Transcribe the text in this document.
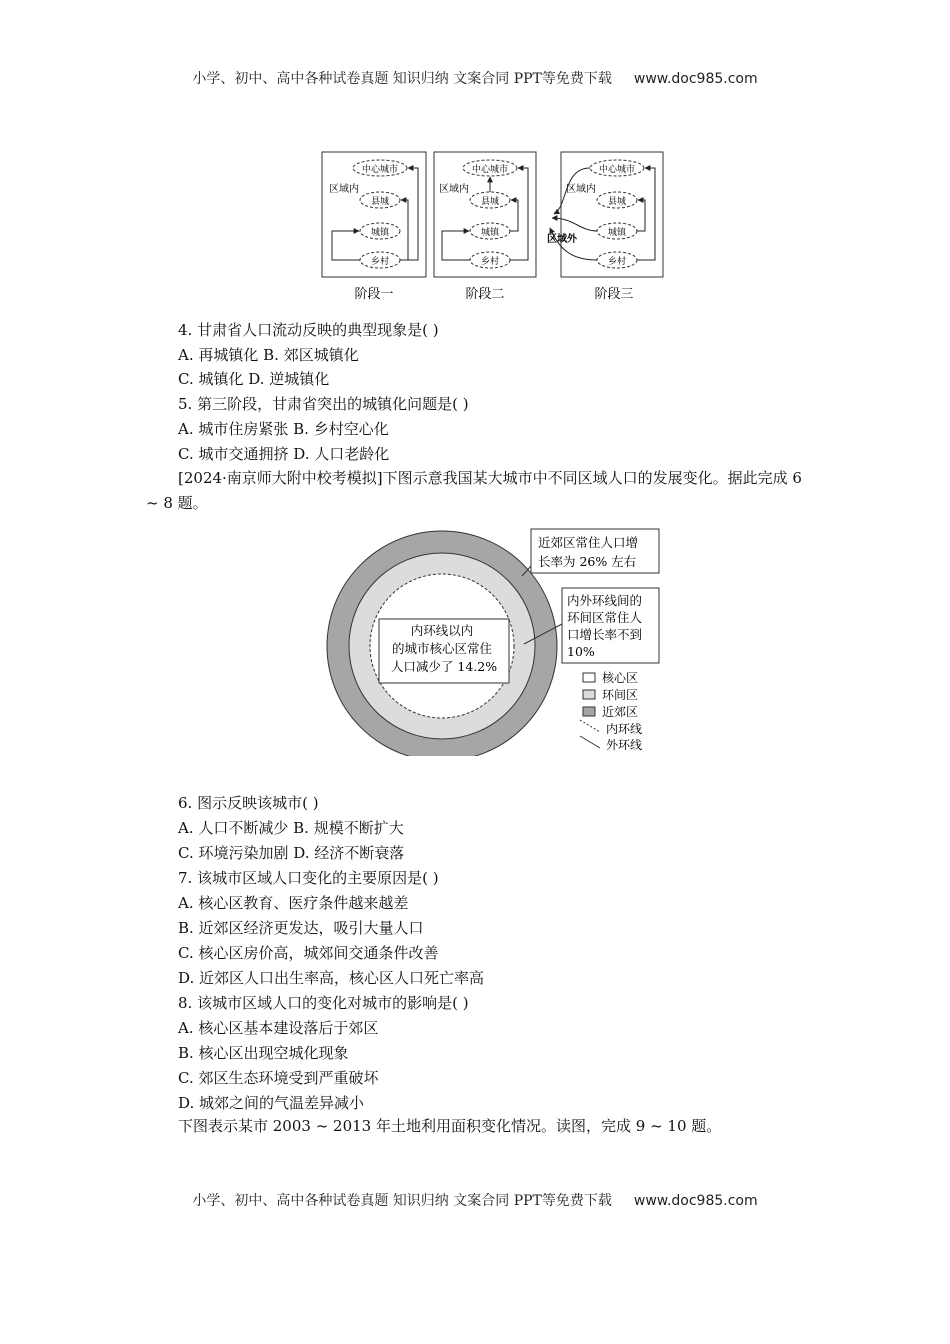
小学、初中、高中各种试卷真题 知识归纳 文案合同 PPT等免费下载 www.doc985.com
区域内
中心城市
县城
城镇
乡村
区域内
中心城市
县城
城镇
乡村
区域内
区域外
中心城市
县城
城镇
乡村
阶段一	阶段二	阶段三
4. 甘肃省人口流动反映的典型现象是( )
A. 再城镇化 B. 郊区城镇化
C. 城镇化 D. 逆城镇化
5. 第三阶段，甘肃省突出的城镇化问题是( )
A. 城市住房紧张 B. 乡村空心化
C. 城市交通拥挤 D. 人口老龄化
[2024·南京师大附中校考模拟]下图示意我国某大城市中不同区域人口的发展变化。据此完成 6 ~ 8 题。
内环线以内 的城市核心区常住 人口减少了 14.2%
近郊区常住人口增 长率为 26% 左右
内外环线间的 环间区常住人 口增长率不到 10%
核心区
环间区
近郊区
内环线
外环线
6. 图示反映该城市( )
A. 人口不断减少 B. 规模不断扩大
C. 环境污染加剧 D. 经济不断衰落
7. 该城市区域人口变化的主要原因是( )
A. 核心区教育、医疗条件越来越差
B. 近郊区经济更发达，吸引大量人口
C. 核心区房价高，城郊间交通条件改善
D. 近郊区人口出生率高，核心区人口死亡率高
8. 该城市区域人口的变化对城市的影响是( )
A. 核心区基本建设落后于郊区
B. 核心区出现空城化现象
C. 郊区生态环境受到严重破坏
D. 城郊之间的气温差异减小
下图表示某市 2003 ~ 2013 年土地利用面积变化情况。读图，完成 9 ~ 10 题。
小学、初中、高中各种试卷真题 知识归纳 文案合同 PPT等免费下载 www.doc985.com
